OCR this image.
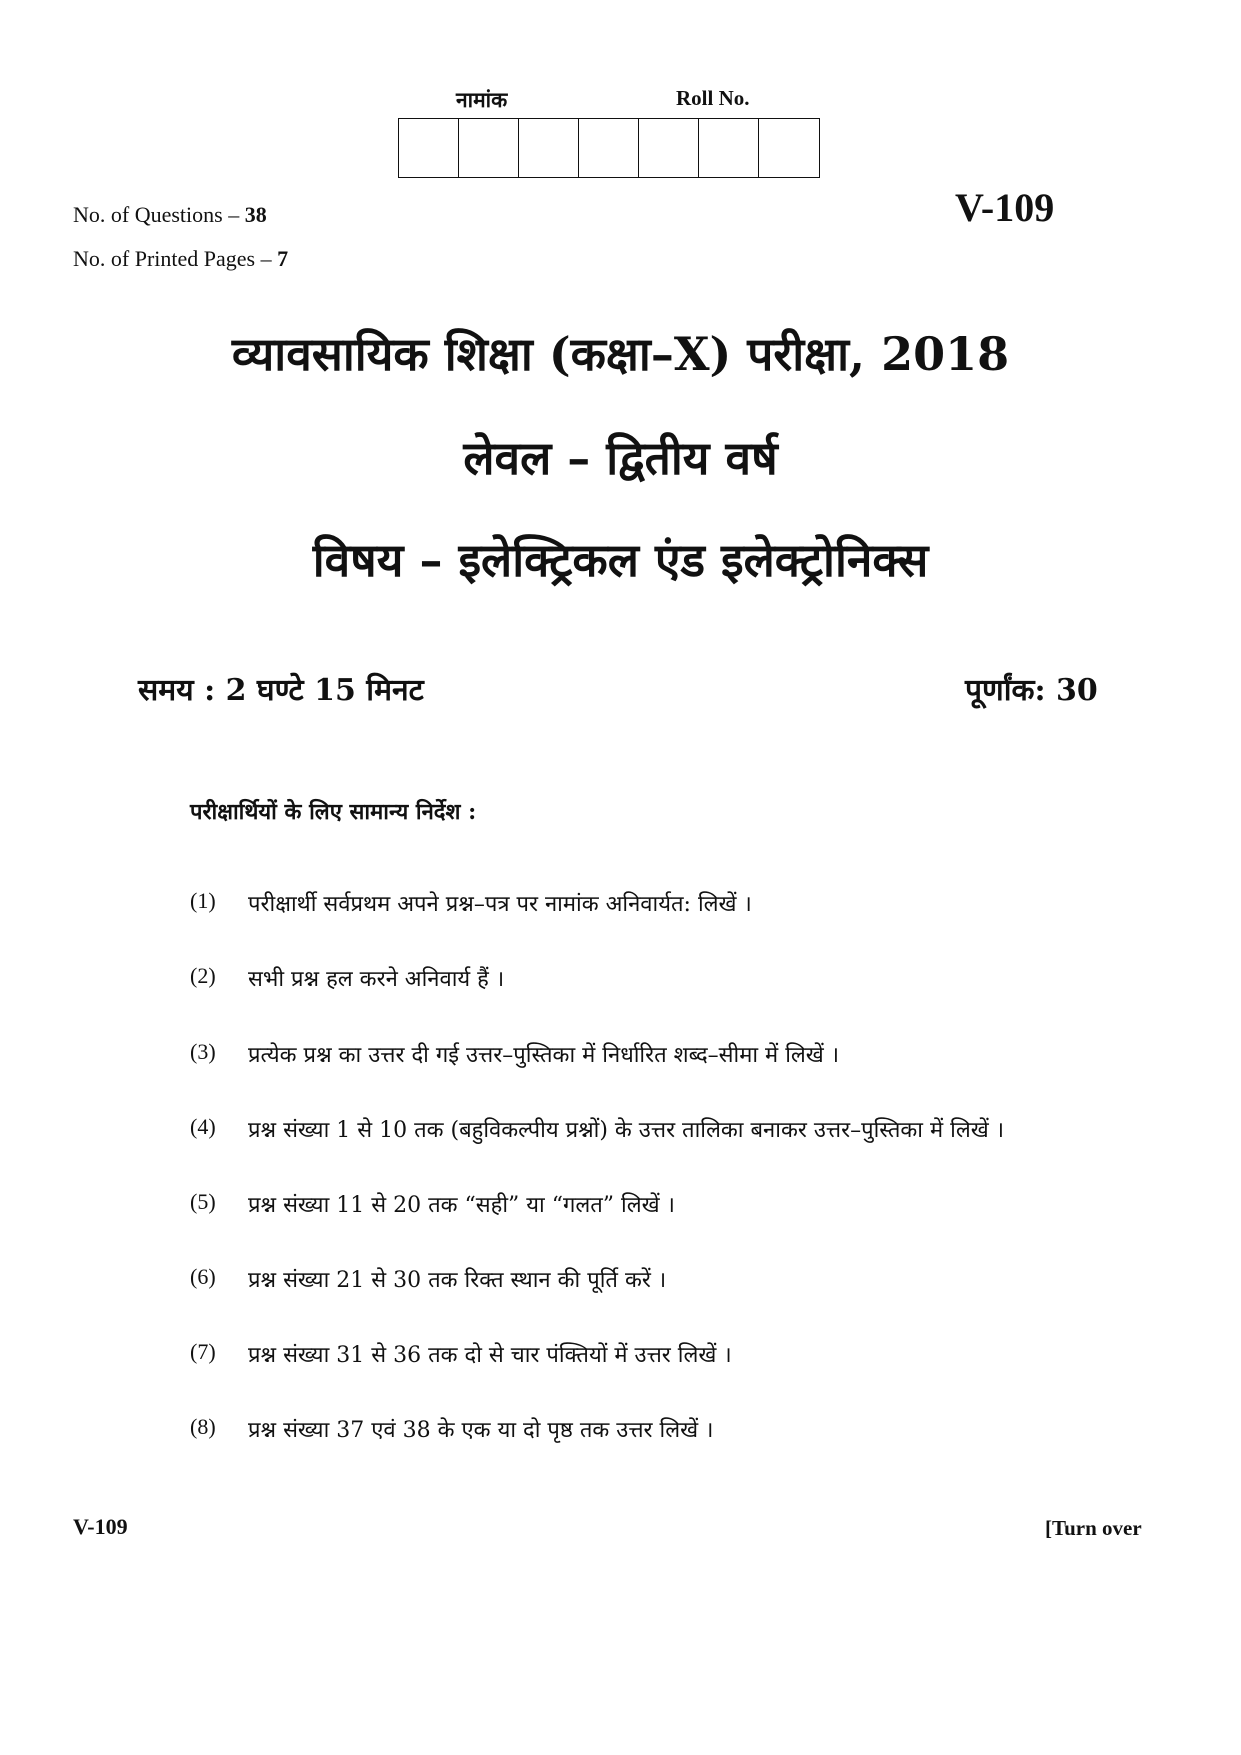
नामांक	Roll No.
No. of Questions – 38
No. of Printed Pages – 7
V-109
व्यावसायिक शिक्षा (कक्षा–X) परीक्षा, 2018
लेवल – द्वितीय वर्ष
विषय – इलेक्ट्रिकल एंड इलेक्ट्रोनिक्स
समय : 2 घण्टे 15 मिनट	पूर्णांक: 30
परीक्षार्थियों के लिए सामान्य निर्देश :
(1)	परीक्षार्थी सर्वप्रथम अपने प्रश्न–पत्र पर नामांक अनिवार्यत: लिखें ।
(2)	सभी प्रश्न हल करने अनिवार्य हैं ।
(3)	प्रत्येक प्रश्न का उत्तर दी गई उत्तर–पुस्तिका में निर्धारित शब्द–सीमा में लिखें ।
(4)	प्रश्न संख्या 1 से 10 तक (बहुविकल्पीय प्रश्नों) के उत्तर तालिका बनाकर उत्तर–पुस्तिका में लिखें ।
(5)	प्रश्न संख्या 11 से 20 तक “सही” या “गलत” लिखें ।
(6)	प्रश्न संख्या 21 से 30 तक रिक्त स्थान की पूर्ति करें ।
(7)	प्रश्न संख्या 31 से 36 तक दो से चार पंक्तियों में उत्तर लिखें ।
(8)	प्रश्न संख्या 37 एवं 38 के एक या दो पृष्ठ तक उत्तर लिखें ।
V-109	[Turn over
